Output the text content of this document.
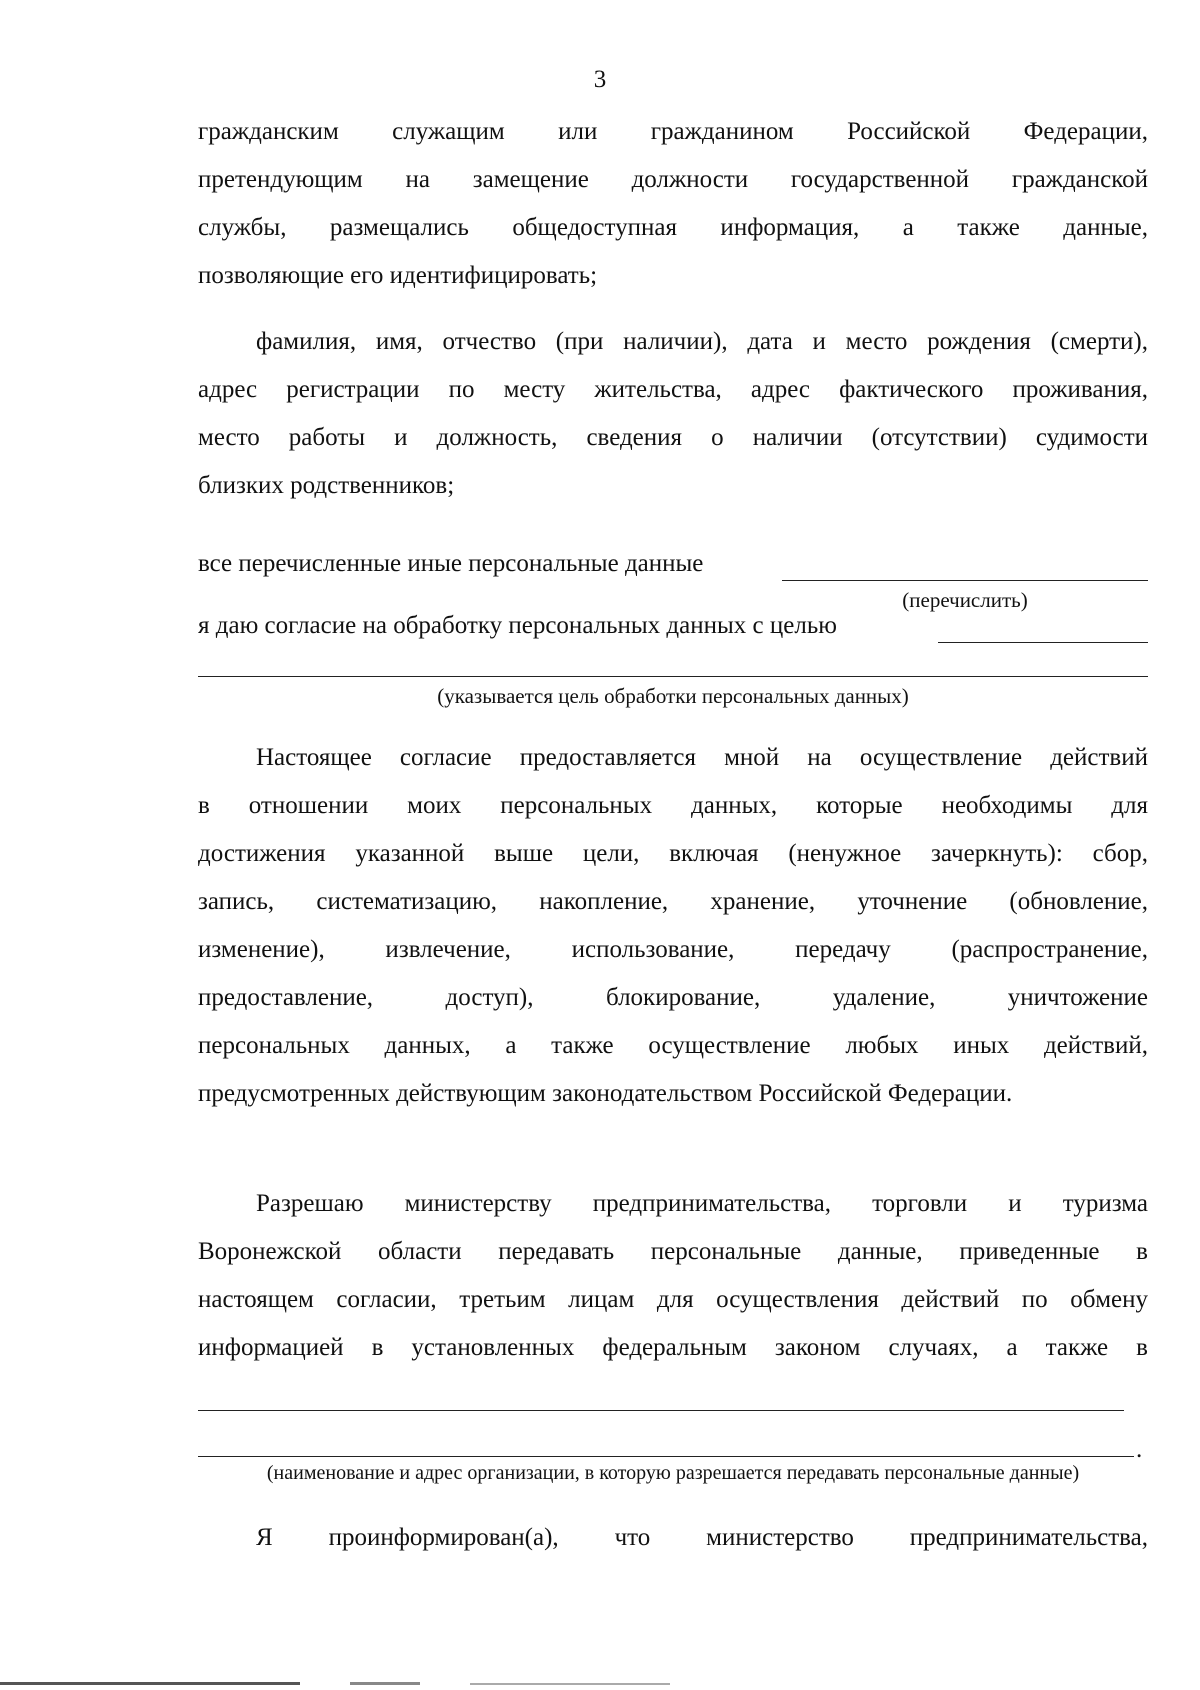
3
гражданским служащим или гражданином Российской Федерации,
претендующим на замещение должности государственной гражданской
службы, размещались общедоступная информация, а также данные,
позволяющие его идентифицировать;
фамилия, имя, отчество (при наличии), дата и место рождения (смерти),
адрес регистрации по месту жительства, адрес фактического проживания,
место работы и должность, сведения о наличии (отсутствии) судимости
близких родственников;
все перечисленные иные персональные данные
(перечислить)
я даю согласие на обработку персональных данных с целью
(указывается цель обработки персональных данных)
Настоящее согласие предоставляется мной на осуществление действий
в отношении моих персональных данных, которые необходимы для
достижения указанной выше цели, включая (ненужное зачеркнуть): сбор,
запись, систематизацию, накопление, хранение, уточнение (обновление,
изменение), извлечение, использование, передачу (распространение,
предоставление, доступ), блокирование, удаление, уничтожение
персональных данных, а также осуществление любых иных действий,
предусмотренных действующим законодательством Российской Федерации.
Разрешаю министерству предпринимательства, торговли и туризма
Воронежской области передавать персональные данные, приведенные в
настоящем согласии, третьим лицам для осуществления действий по обмену
информацией в установленных федеральным законом случаях, а также в
.
(наименование и адрес организации, в которую разрешается передавать персональные данные)
Я проинформирован(а), что министерство предпринимательства,
